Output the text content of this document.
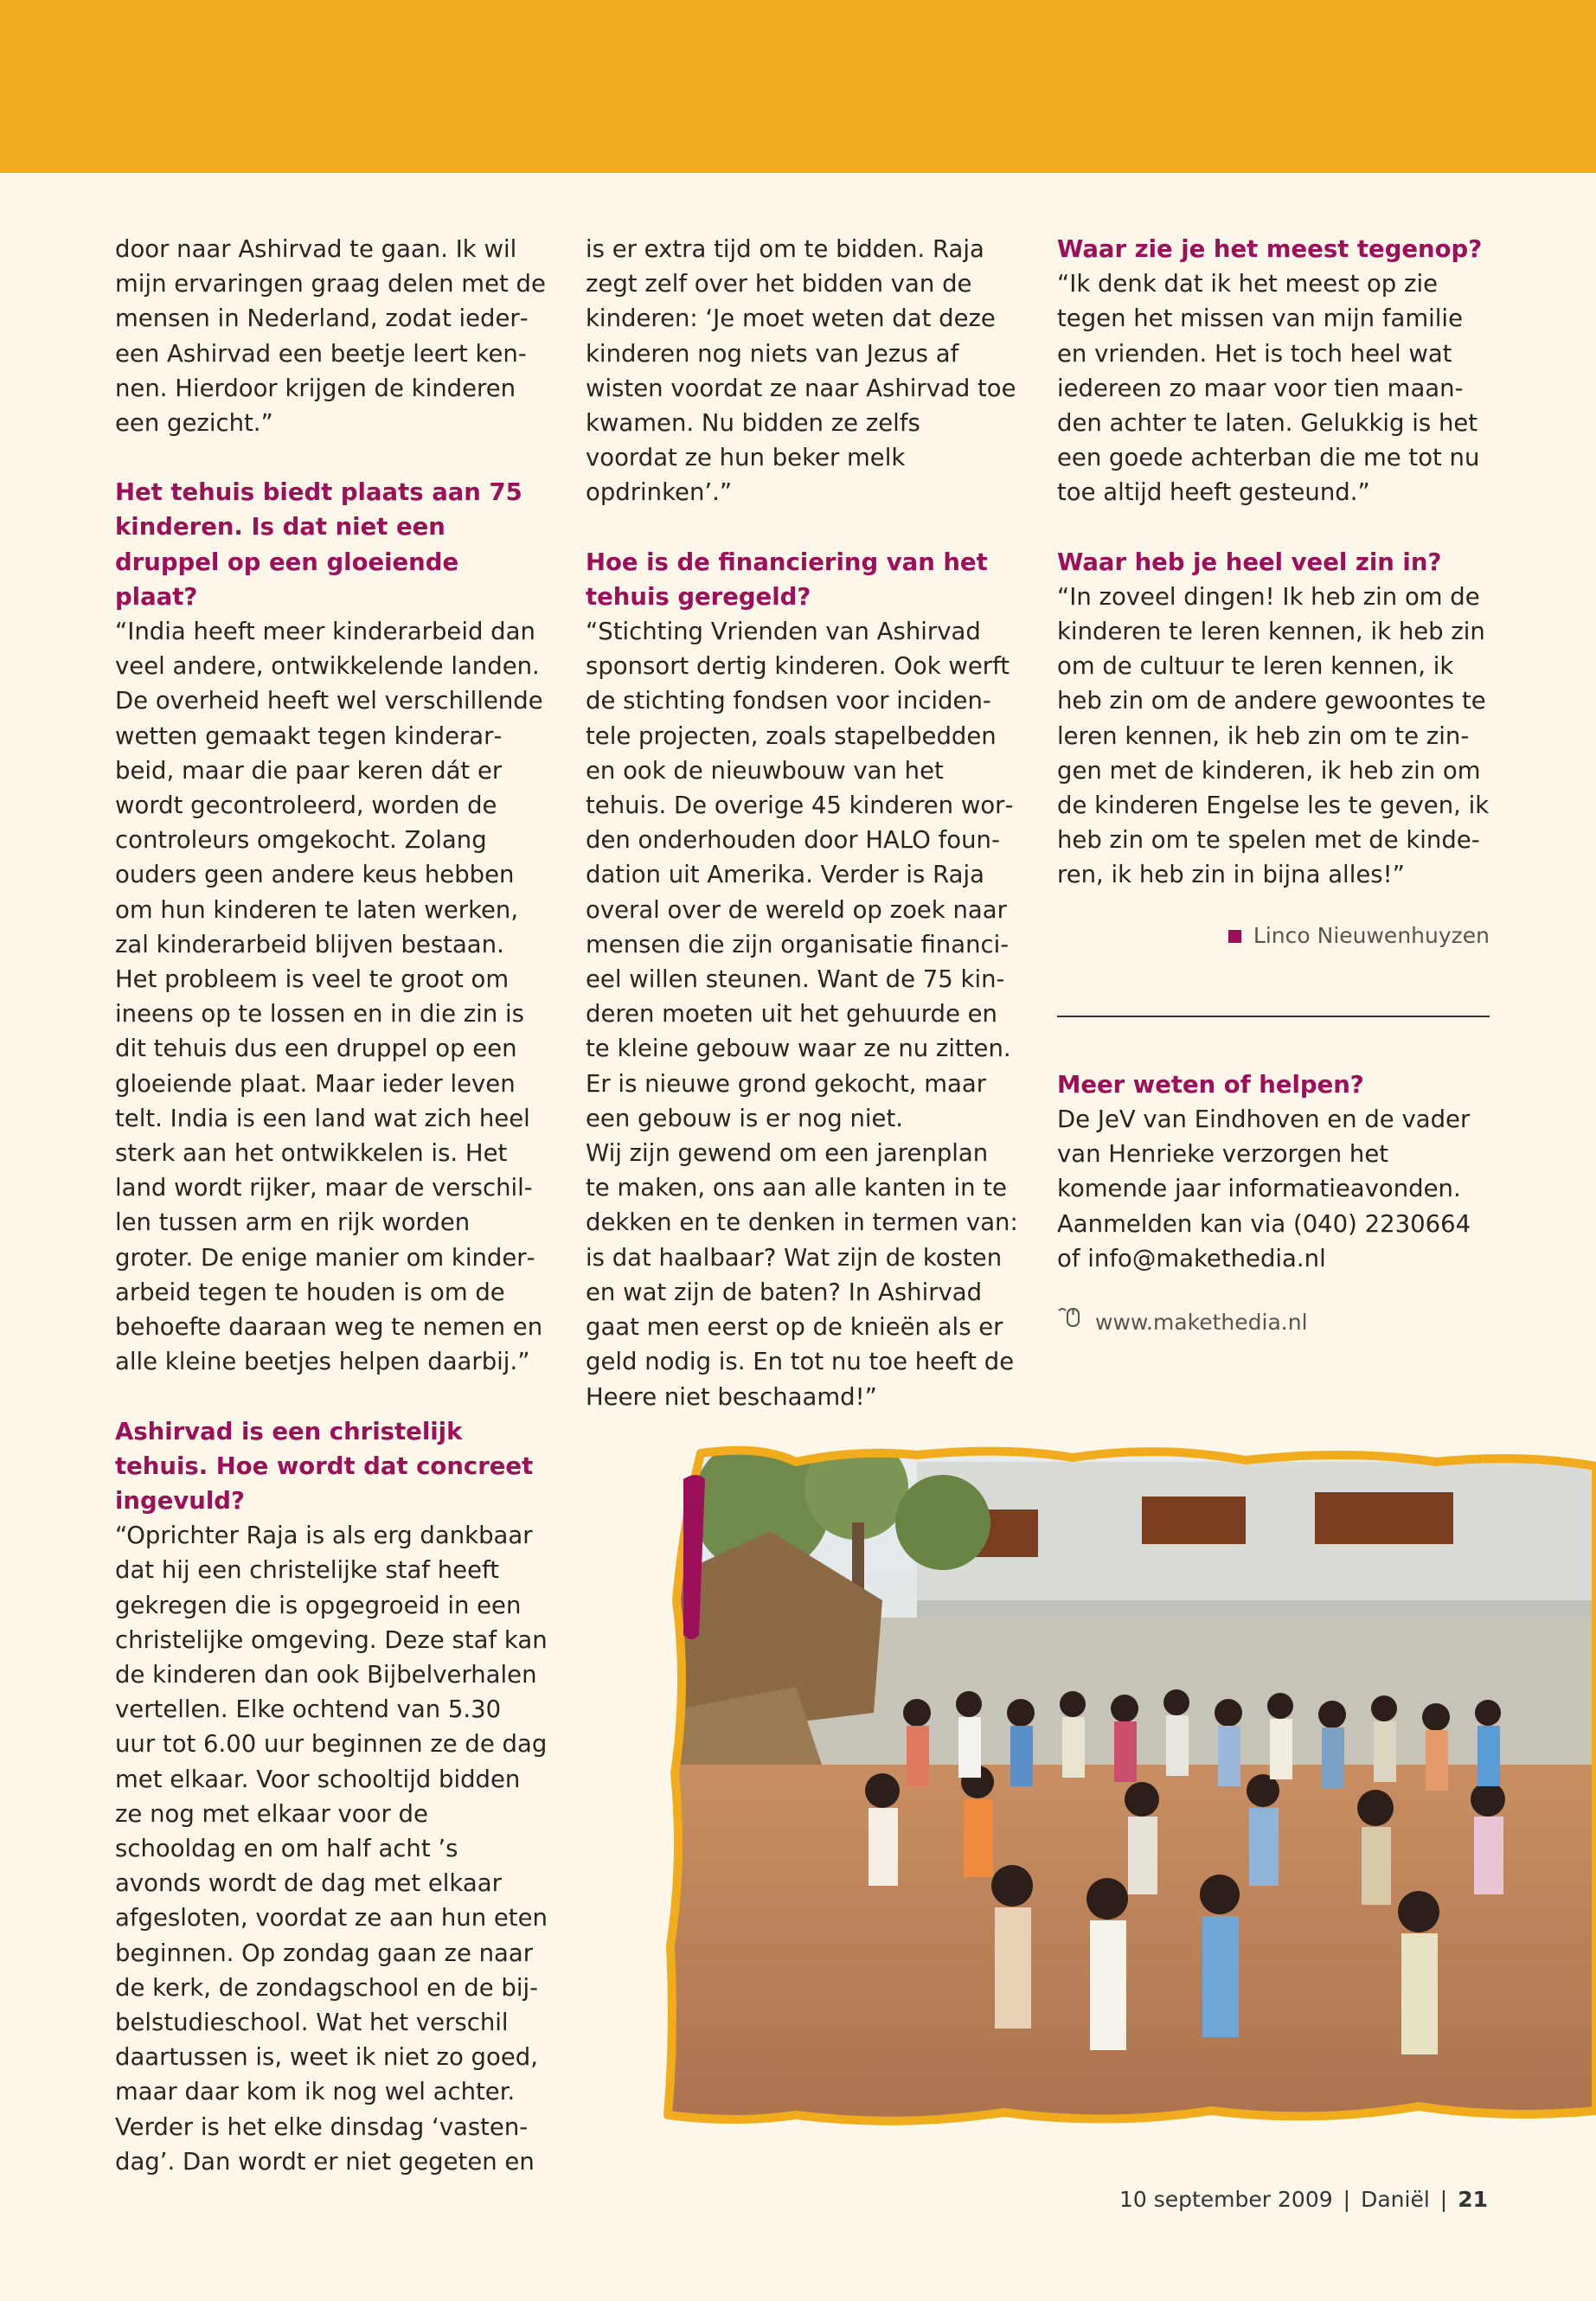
door naar Ashirvad te gaan. Ik wil mijn ervaringen graag delen met de mensen in Nederland, zodat iedereen Ashirvad een beetje leert kennen. Hierdoor krijgen de kinderen een gezicht.”

Het tehuis biedt plaats aan 75 kinderen. Is dat niet een druppel op een gloeiende plaat?

“India heeft meer kinderarbeid dan veel andere, ontwikkelende landen. De overheid heeft wel verschillende wetten gemaakt tegen kinderarbeid, maar die paar keren dát er wordt gecontroleerd, worden de controleurs omgekocht. Zolang ouders geen andere keus hebben om hun kinderen te laten werken, zal kinderarbeid blijven bestaan. Het probleem is veel te groot om ineens op te lossen en in die zin is dit tehuis dus een druppel op een gloeiende plaat. Maar ieder leven telt. India is een land wat zich heel sterk aan het ontwikkelen is. Het land wordt rijker, maar de verschillen tussen arm en rijk worden groter. De enige manier om kinderarbeid tegen te houden is om de behoefte daaraan weg te nemen en alle kleine beetjes helpen daarbij.”

Ashirvad is een christelijk tehuis. Hoe wordt dat concreet ingevuld?

“Oprichter Raja is als erg dankbaar dat hij een christelijke staf heeft gekregen die is opgegroeid in een christelijke omgeving. Deze staf kan de kinderen dan ook Bijbelverhalen vertellen. Elke ochtend van 5.30 uur tot 6.00 uur beginnen ze de dag met elkaar. Voor schooltijd bidden ze nog met elkaar voor de schooldag en om half acht ’s avonds wordt de dag met elkaar afgesloten, voordat ze aan hun eten beginnen. Op zondag gaan ze naar de kerk, de zondagschool en de bijbelstudieschool. Wat het verschil daartussen is, weet ik niet zo goed, maar daar kom ik nog wel achter. Verder is het elke dinsdag ‘vastendag’. Dan wordt er niet gegeten en

is er extra tijd om te bidden. Raja zegt zelf over het bidden van de kinderen: ‘Je moet weten dat deze kinderen nog niets van Jezus af wisten voordat ze naar Ashirvad toe kwamen. Nu bidden ze zelfs voordat ze hun beker melk opdrinken’.”

Hoe is de financiering van het tehuis geregeld?

“Stichting Vrienden van Ashirvad sponsort dertig kinderen. Ook werft de stichting fondsen voor incidentele projecten, zoals stapelbedden en ook de nieuwbouw van het tehuis. De overige 45 kinderen worden onderhouden door HALO foundation uit Amerika. Verder is Raja overal over de wereld op zoek naar mensen die zijn organisatie financieel willen steunen. Want de 75 kinderen moeten uit het gehuurde en te kleine gebouw waar ze nu zitten. Er is nieuwe grond gekocht, maar een gebouw is er nog niet.

Wij zijn gewend om een jarenplan te maken, ons aan alle kanten in te dekken en te denken in termen van: is dat haalbaar? Wat zijn de kosten en wat zijn de baten? In Ashirvad gaat men eerst op de knieën als er geld nodig is. En tot nu toe heeft de Heere niet beschaamd!”

Waar zie je het meest tegenop?

“Ik denk dat ik het meest op zie tegen het missen van mijn familie en vrienden. Het is toch heel wat iedereen zo maar voor tien maanden achter te laten. Gelukkig is het een goede achterban die me tot nu toe altijd heeft gesteund.”

Waar heb je heel veel zin in?

“In zoveel dingen! Ik heb zin om de kinderen te leren kennen, ik heb zin om de cultuur te leren kennen, ik heb zin om de andere gewoontes te leren kennen, ik heb zin om te zingen met de kinderen, ik heb zin om de kinderen Engelse les te geven, ik heb zin om te spelen met de kinderen, ik heb zin in bijna alles!”

Linco Nieuwenhuyzen

Meer weten of helpen?

De JeV van Eindhoven en de vader van Henrieke verzorgen het komende jaar informatieavonden. Aanmelden kan via (040) 2230664 of info@makethedia.nl

www.makethedia.nl
10 september 2009 | Daniël | 21
